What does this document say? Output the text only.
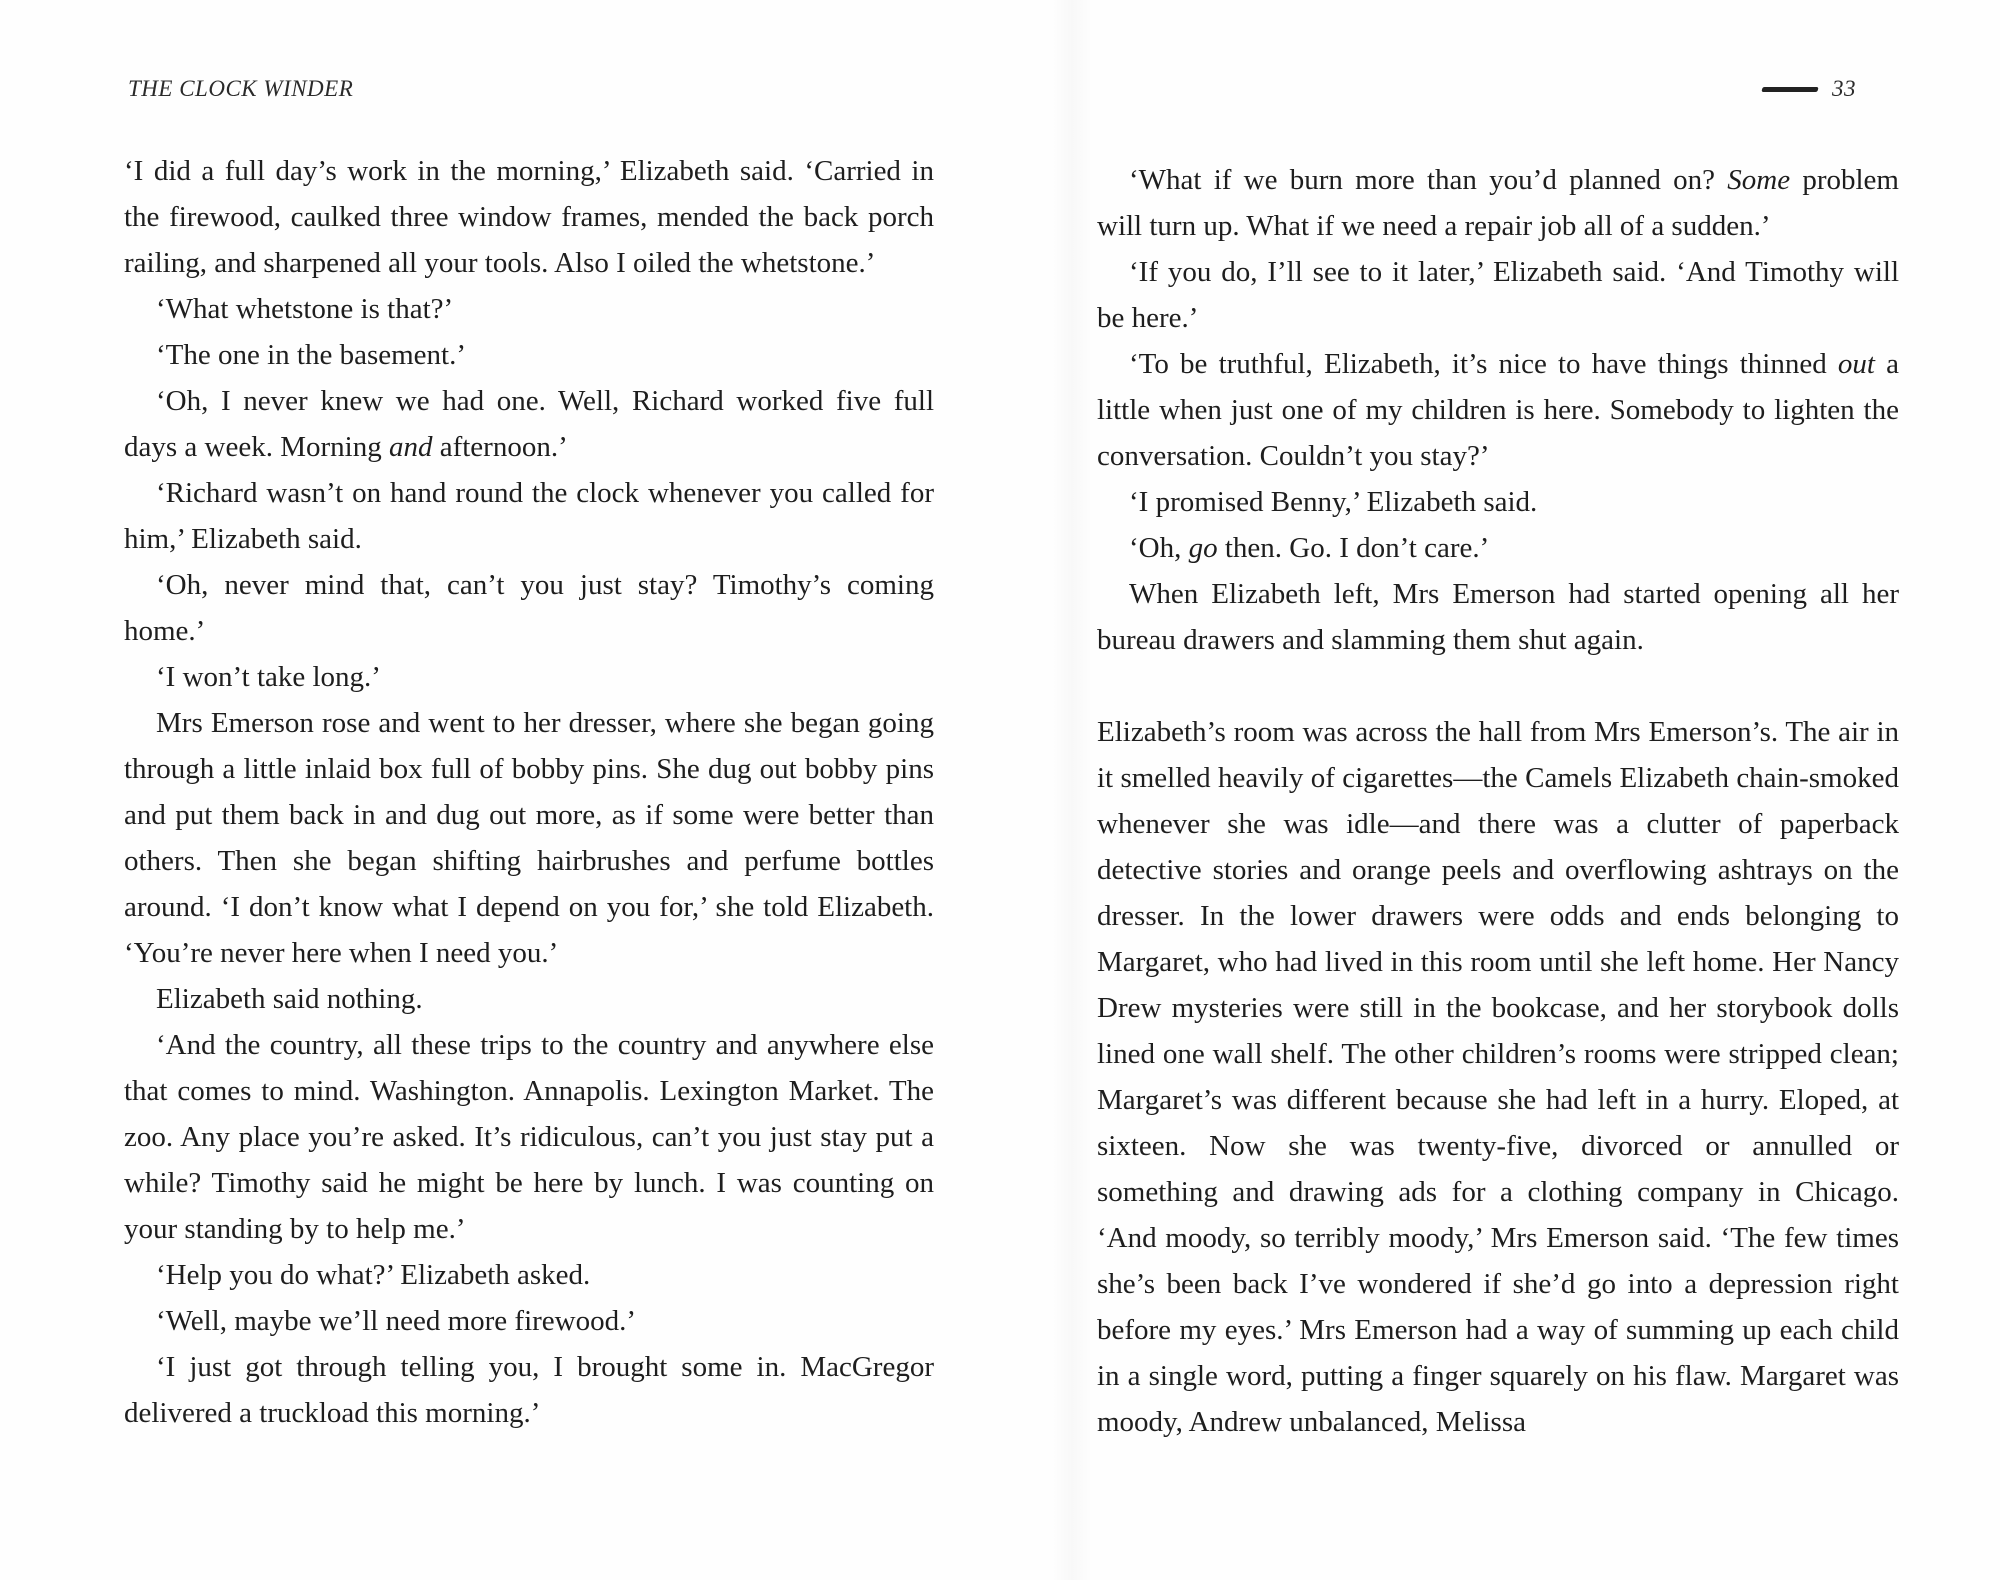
THE CLOCK WINDER	33

‘I did a full day’s work in the morning,’ Elizabeth said. ‘Carried in the firewood, caulked three window frames, mended the back porch railing, and sharpened all your tools. Also I oiled the whetstone.’

‘What whetstone is that?’

‘The one in the basement.’

‘Oh, I never knew we had one. Well, Richard worked five full days a week. Morning and afternoon.’

‘Richard wasn’t on hand round the clock whenever you called for him,’ Elizabeth said.

‘Oh, never mind that, can’t you just stay? Timothy’s coming home.’

‘I won’t take long.’

Mrs Emerson rose and went to her dresser, where she began going through a little inlaid box full of bobby pins. She dug out bobby pins and put them back in and dug out more, as if some were better than others. Then she began shifting hairbrushes and perfume bottles around. ‘I don’t know what I depend on you for,’ she told Elizabeth. ‘You’re never here when I need you.’

Elizabeth said nothing.

‘And the country, all these trips to the country and anywhere else that comes to mind. Washington. Annapolis. Lexington Market. The zoo. Any place you’re asked. It’s ridiculous, can’t you just stay put a while? Timothy said he might be here by lunch. I was counting on your standing by to help me.’

‘Help you do what?’ Elizabeth asked.

‘Well, maybe we’ll need more firewood.’

‘I just got through telling you, I brought some in. MacGregor delivered a truckload this morning.’

‘What if we burn more than you’d planned on? Some problem will turn up. What if we need a repair job all of a sudden.’

‘If you do, I’ll see to it later,’ Elizabeth said. ‘And Timothy will be here.’

‘To be truthful, Elizabeth, it’s nice to have things thinned out a little when just one of my children is here. Somebody to lighten the conversation. Couldn’t you stay?’

‘I promised Benny,’ Elizabeth said.

‘Oh, go then. Go. I don’t care.’

When Elizabeth left, Mrs Emerson had started opening all her bureau drawers and slamming them shut again.

Elizabeth’s room was across the hall from Mrs Emerson’s. The air in it smelled heavily of cigarettes—the Camels Elizabeth chain-smoked whenever she was idle—and there was a clutter of paperback detective stories and orange peels and overflowing ashtrays on the dresser. In the lower drawers were odds and ends belonging to Margaret, who had lived in this room until she left home. Her Nancy Drew mysteries were still in the bookcase, and her storybook dolls lined one wall shelf. The other children’s rooms were stripped clean; Margaret’s was different because she had left in a hurry. Eloped, at sixteen. Now she was twenty-five, divorced or annulled or something and drawing ads for a clothing company in Chicago. ‘And moody, so terribly moody,’ Mrs Emerson said. ‘The few times she’s been back I’ve wondered if she’d go into a depression right before my eyes.’ Mrs Emerson had a way of summing up each child in a single word, putting a finger squarely on his flaw. Margaret was moody, Andrew unbalanced, Melissa
